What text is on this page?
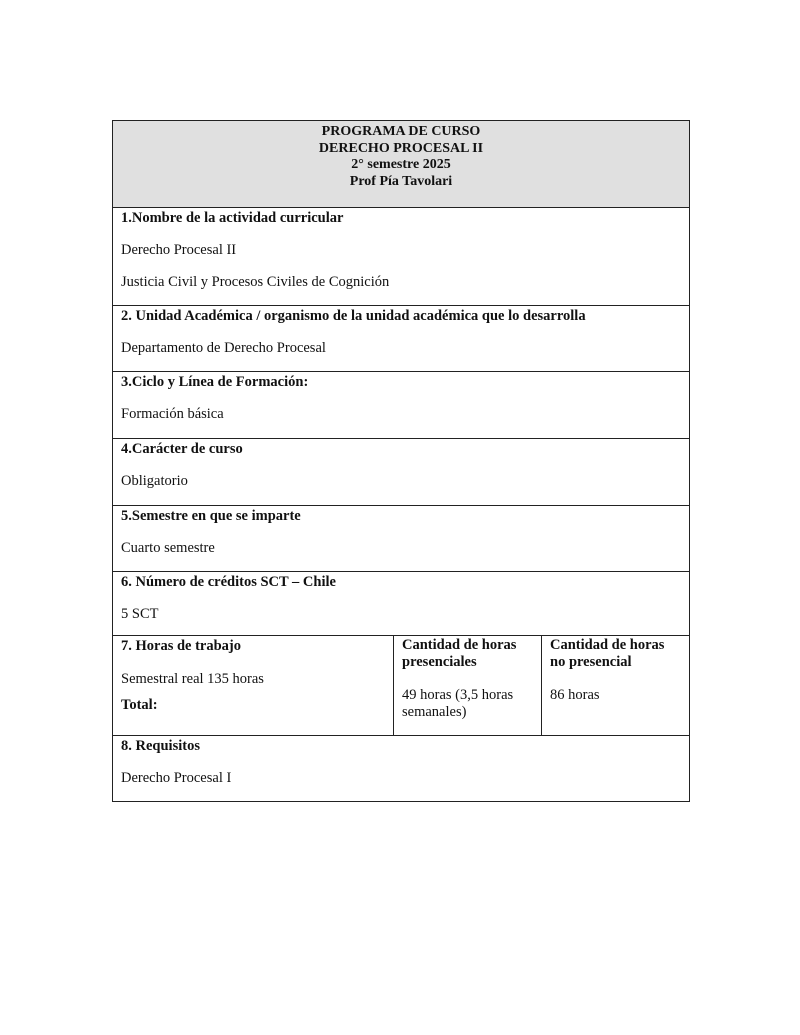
PROGRAMA DE CURSO
DERECHO PROCESAL II
2° semestre 2025
Prof Pía Tavolari

1.Nombre de la actividad curricular

Derecho Procesal II

Justicia Civil y Procesos Civiles de Cognición

2. Unidad Académica / organismo de la unidad académica que lo desarrolla

Departamento de Derecho Procesal

3.Ciclo y Línea de Formación:

Formación básica

4.Carácter de curso

Obligatorio

5.Semestre en que se imparte

Cuarto semestre

6. Número de créditos SCT – Chile

5 SCT

7. Horas de trabajo

Semestral real 135 horas

Total:

Cantidad de horas

presenciales

49 horas (3,5 horas

semanales)

Cantidad de horas

no presencial

86 horas

8. Requisitos

Derecho Procesal I
